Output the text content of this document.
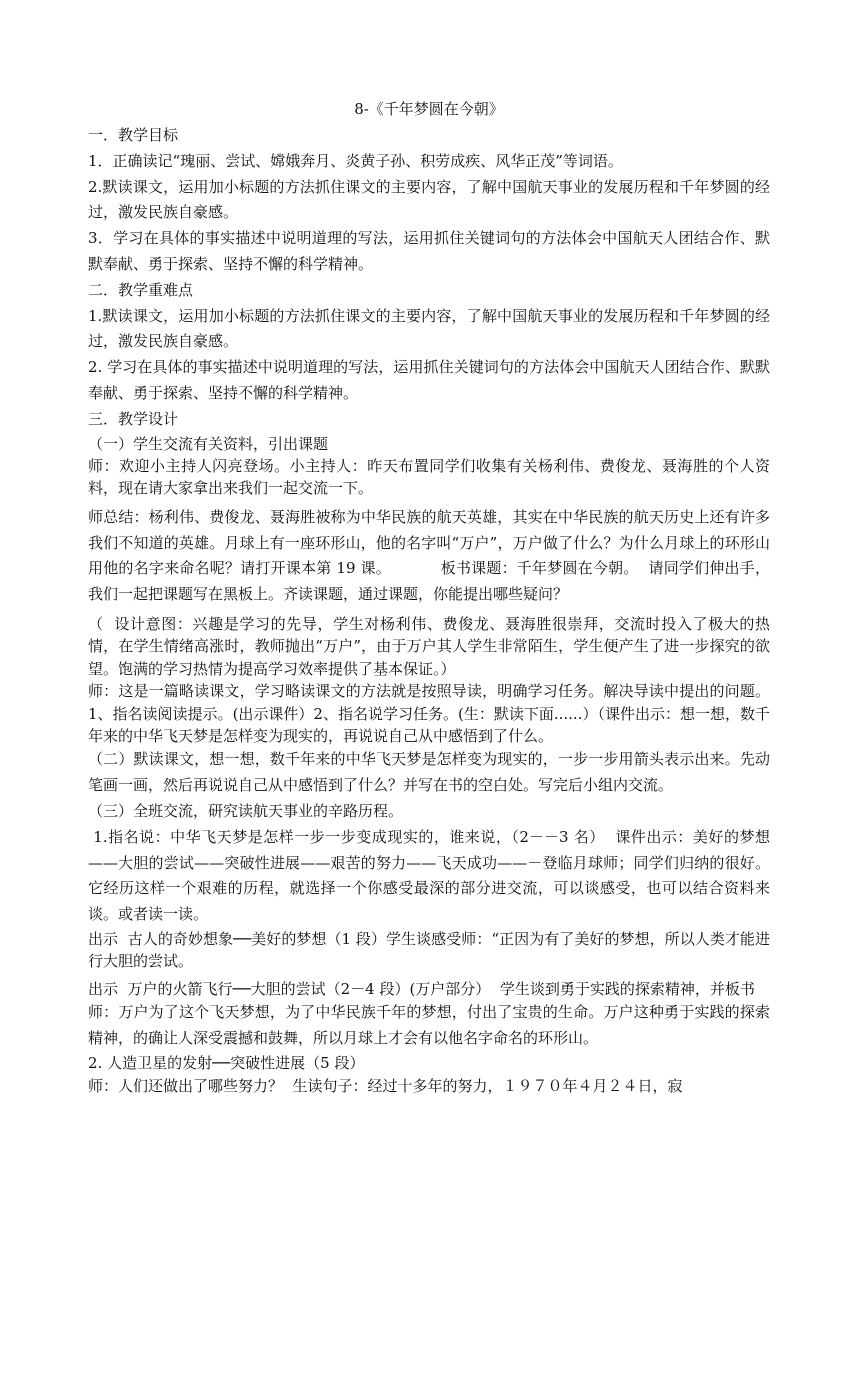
8-《千年梦圆在今朝》

一．教学目标

1．正确读记“瑰丽、尝试、嫦娥奔月、炎黄子孙、积劳成疾、风华正茂”等词语。

2.默读课文，运用加小标题的方法抓住课文的主要内容，了解中国航天事业的发展历程和千年梦圆的经过，激发民族自豪感。

3．学习在具体的事实描述中说明道理的写法，运用抓住关键词句的方法体会中国航天人团结合作、默默奉献、勇于探索、坚持不懈的科学精神。

二．教学重难点

1.默读课文，运用加小标题的方法抓住课文的主要内容，了解中国航天事业的发展历程和千年梦圆的经过，激发民族自豪感。

2. 学习在具体的事实描述中说明道理的写法，运用抓住关键词句的方法体会中国航天人团结合作、默默奉献、勇于探索、坚持不懈的科学精神。

三．教学设计

（一）学生交流有关资料，引出课题

师：欢迎小主持人闪亮登场。小主持人：昨天布置同学们收集有关杨利伟、费俊龙、聂海胜的个人资料，现在请大家拿出来我们一起交流一下。

师总结：杨利伟、费俊龙、聂海胜被称为中华民族的航天英雄，其实在中华民族的航天历史上还有许多我们不知道的英雄。月球上有一座环形山，他的名字叫“万户”，万户做了什么？为什么月球上的环形山用他的名字来命名呢？请打开课本第 19 课。          板书课题：千年梦圆在今朝。  请同学们伸出手，我们一起把课题写在黑板上。齐读课题，通过课题，你能提出哪些疑问？

（  设计意图：兴趣是学习的先导，学生对杨利伟、费俊龙、聂海胜很崇拜，交流时投入了极大的热情，在学生情绪高涨时，教师抛出“万户”，由于万户其人学生非常陌生，学生便产生了进一步探究的欲望。饱满的学习热情为提高学习效率提供了基本保证。）

师：这是一篇略读课文，学习略读课文的方法就是按照导读，明确学习任务。解决导读中提出的问题。  1、指名读阅读提示。(出示课件）2、指名说学习任务。(生：默读下面......）（课件出示：想一想，数千年来的中华飞天梦是怎样变为现实的，再说说自己从中感悟到了什么。

（二）默读课文，想一想，数千年来的中华飞天梦是怎样变为现实的，一步一步用箭头表示出来。先动笔画一画，然后再说说自己从中感悟到了什么？并写在书的空白处。写完后小组内交流。

（三）全班交流，研究读航天事业的辛路历程。

1.指名说：中华飞天梦是怎样一步一步变成现实的，谁来说，（2－－3 名）  课件出示：美好的梦想——大胆的尝试——突破性进展——艰苦的努力——飞天成功——－登临月球师；同学们归纳的很好。它经历这样一个艰难的历程，就选择一个你感受最深的部分进交流，可以谈感受，也可以结合资料来谈。或者读一读。

出示  古人的奇妙想象──美好的梦想（1 段）学生谈感受师：“正因为有了美好的梦想，所以人类才能进行大胆的尝试。

出示  万户的火箭飞行──大胆的尝试（2－4 段）(万户部分）  学生谈到勇于实践的探索精神，并板书

师：万户为了这个飞天梦想，为了中华民族千年的梦想，付出了宝贵的生命。万户这种勇于实践的探索精神，的确让人深受震撼和鼓舞，所以月球上才会有以他名字命名的环形山。

2. 人造卫星的发射──突破性进展（5 段）

师：人们还做出了哪些努力？  生读句子：经过十多年的努力，１９７０年４月２４日，寂
